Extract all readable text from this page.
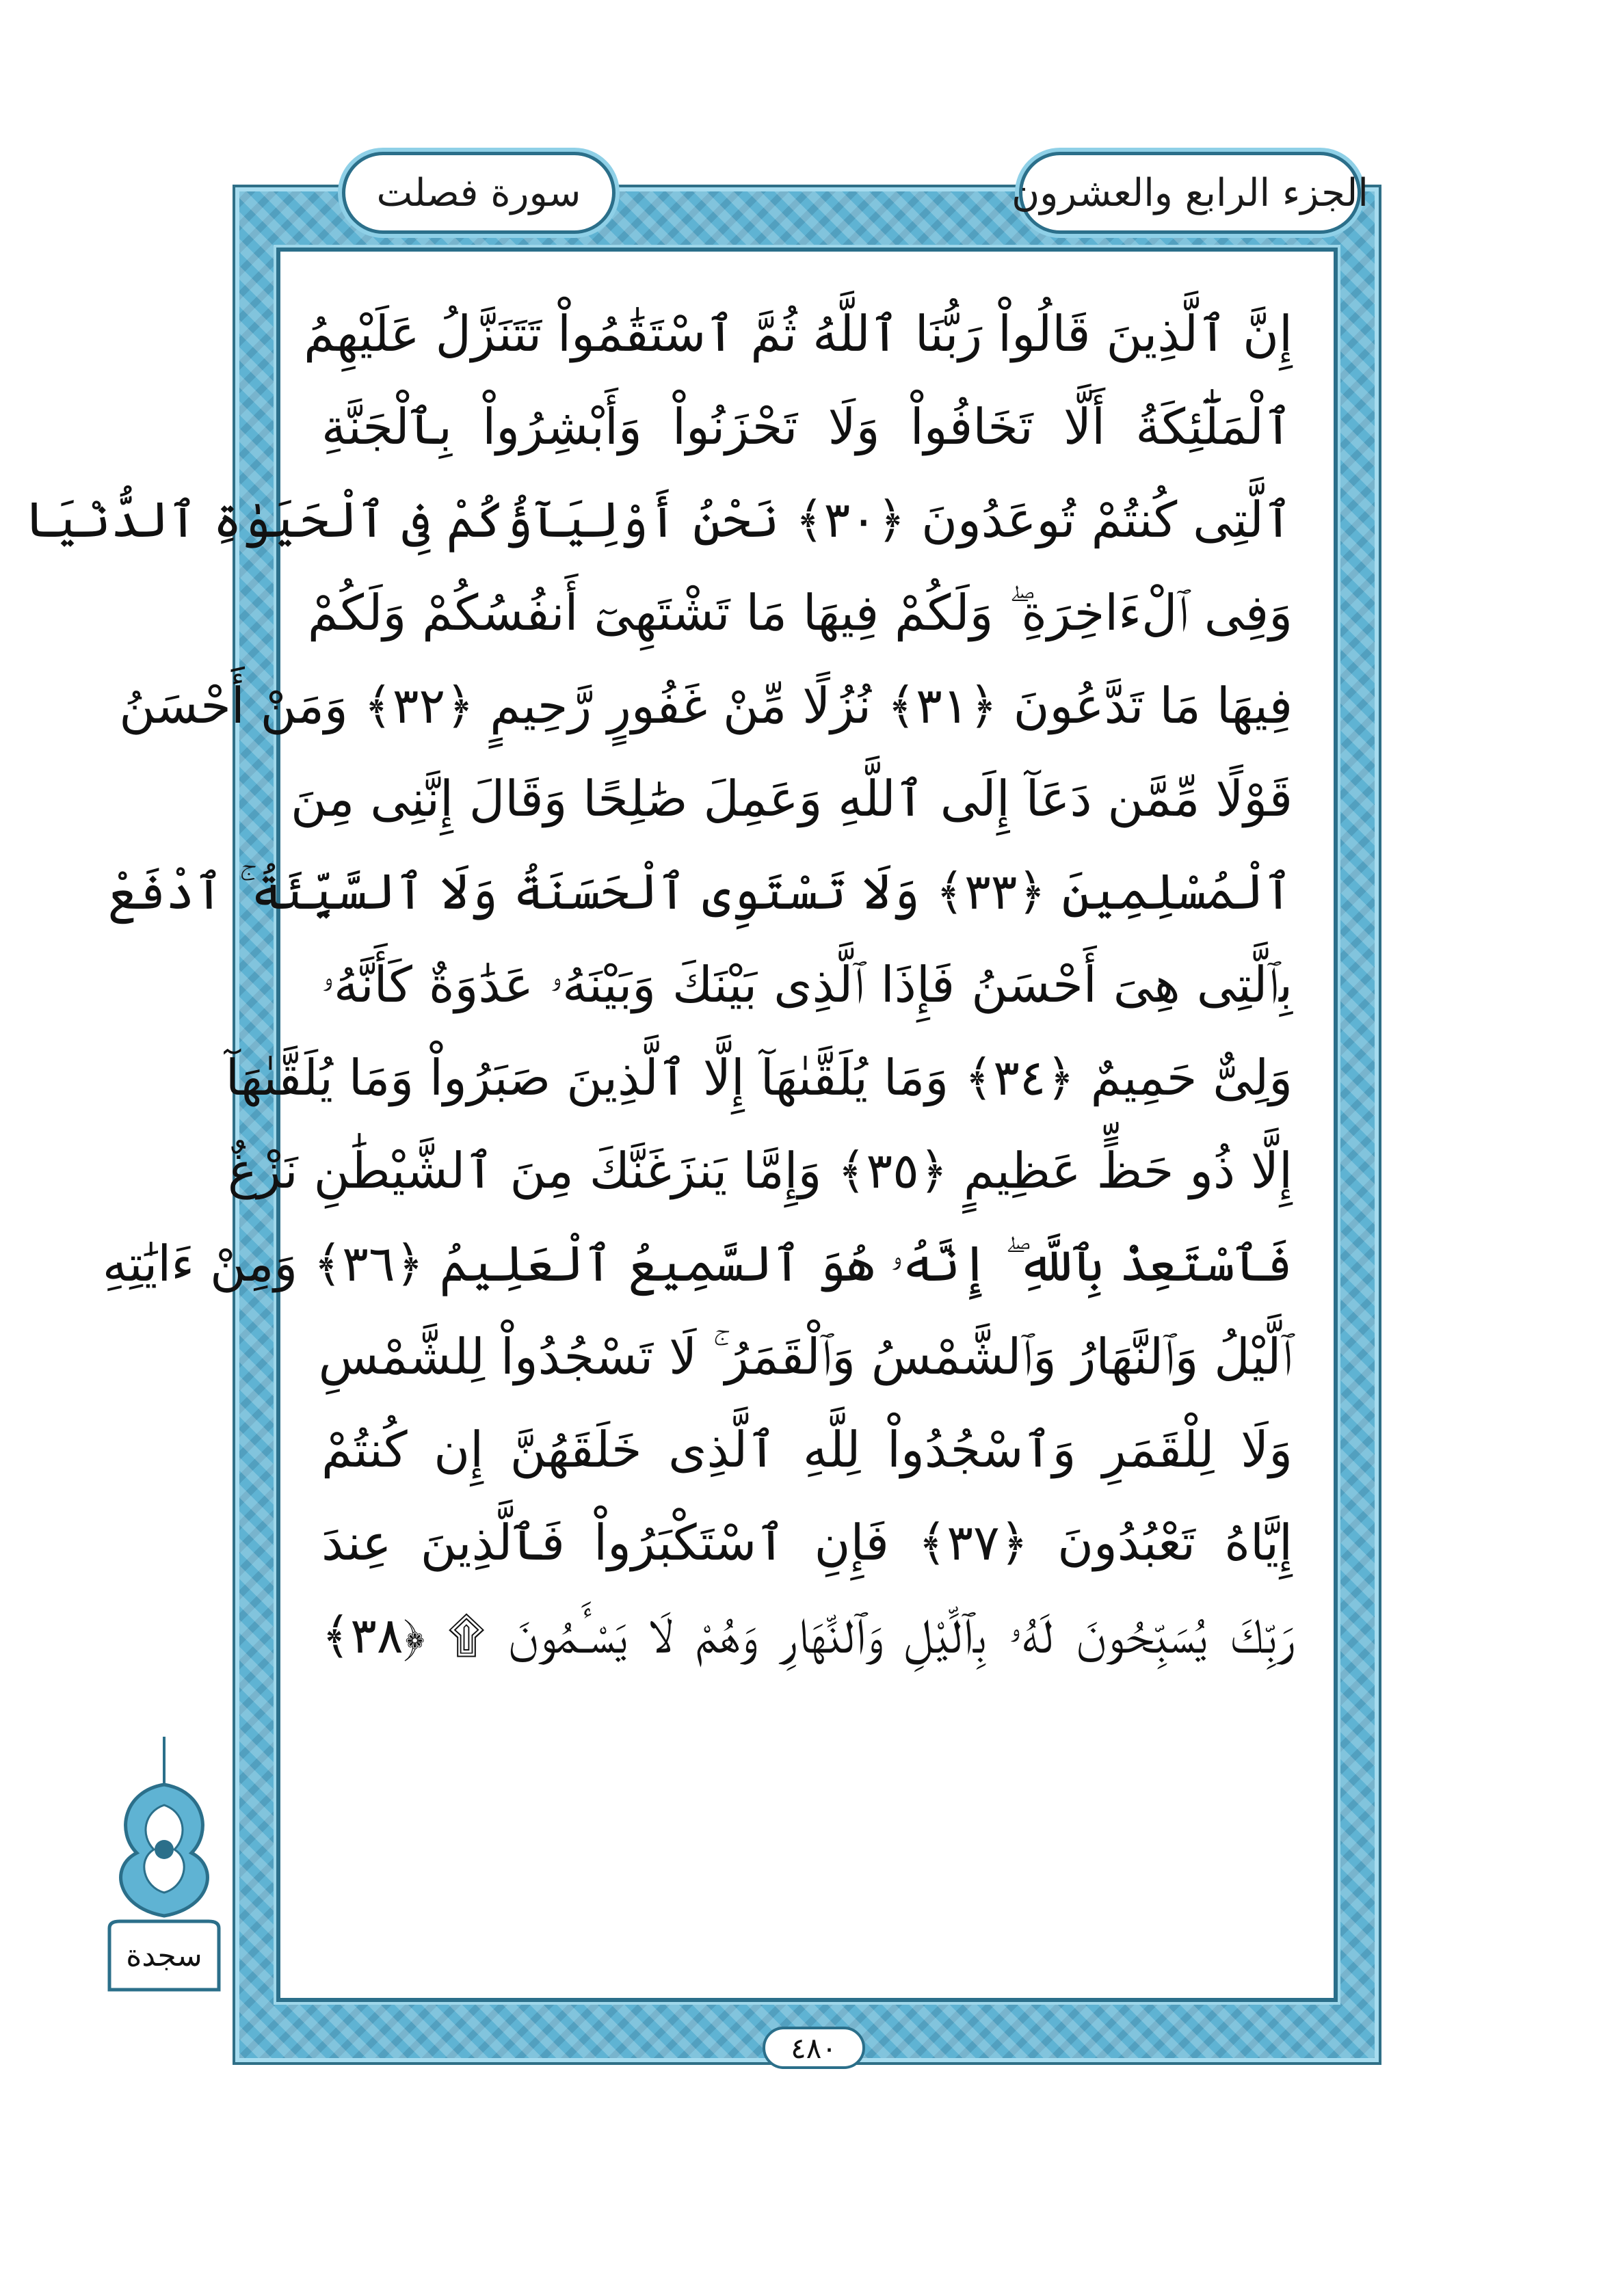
الجزء الرابع والعشرون
سورة فصلت
إِنَّ ٱلَّذِينَ قَالُواْ رَبُّنَا ٱللَّهُ ثُمَّ ٱسْتَقَٰمُواْ تَتَنَزَّلُ عَلَيْهِمُ
ٱلْمَلَٰٓئِكَةُ أَلَّا تَخَافُواْ وَلَا تَحْزَنُواْ وَأَبْشِرُواْ بِٱلْجَنَّةِ
ٱلَّتِى كُنتُمْ تُوعَدُونَ ﴿٣٠﴾ نَحْنُ أَوْلِيَآؤُكُمْ فِى ٱلْحَيَوٰةِ ٱلدُّنْيَا
وَفِى ٱلْءَاخِرَةِ ۖ وَلَكُمْ فِيهَا مَا تَشْتَهِىٓ أَنفُسُكُمْ وَلَكُمْ
فِيهَا مَا تَدَّعُونَ ﴿٣١﴾ نُزُلًا مِّنْ غَفُورٍ رَّحِيمٍ ﴿٣٢﴾ وَمَنْ أَحْسَنُ
قَوْلًا مِّمَّن دَعَآ إِلَى ٱللَّهِ وَعَمِلَ صَٰلِحًا وَقَالَ إِنَّنِى مِنَ
ٱلْمُسْلِمِينَ ﴿٣٣﴾ وَلَا تَسْتَوِى ٱلْحَسَنَةُ وَلَا ٱلسَّيِّئَةُ ۚ ٱدْفَعْ
بِٱلَّتِى هِىَ أَحْسَنُ فَإِذَا ٱلَّذِى بَيْنَكَ وَبَيْنَهُۥ عَدَٰوَةٌ كَأَنَّهُۥ
وَلِىٌّ حَمِيمٌ ﴿٣٤﴾ وَمَا يُلَقَّىٰهَآ إِلَّا ٱلَّذِينَ صَبَرُواْ وَمَا يُلَقَّىٰهَآ
إِلَّا ذُو حَظٍّ عَظِيمٍ ﴿٣٥﴾ وَإِمَّا يَنزَغَنَّكَ مِنَ ٱلشَّيْطَٰنِ نَزْغٌ
فَٱسْتَعِذْ بِٱللَّهِ ۖ إِنَّهُۥ هُوَ ٱلسَّمِيعُ ٱلْعَلِيمُ ﴿٣٦﴾ وَمِنْ ءَايَٰتِهِ
ٱلَّيْلُ وَٱلنَّهَارُ وَٱلشَّمْسُ وَٱلْقَمَرُ ۚ لَا تَسْجُدُواْ لِلشَّمْسِ
وَلَا لِلْقَمَرِ وَٱسْجُدُواْ لِلَّهِ ٱلَّذِى خَلَقَهُنَّ إِن كُنتُمْ
إِيَّاهُ تَعْبُدُونَ ﴿٣٧﴾ فَإِنِ ٱسْتَكْبَرُواْ فَٱلَّذِينَ عِندَ
رَبِّكَ يُسَبِّحُونَ لَهُۥ بِٱلَّيْلِ وَٱلنَّهَارِ وَهُمْ لَا يَسْـَٔمُونَ ۩ ﴿٣٨﴾
٤٨٠
سجدة
